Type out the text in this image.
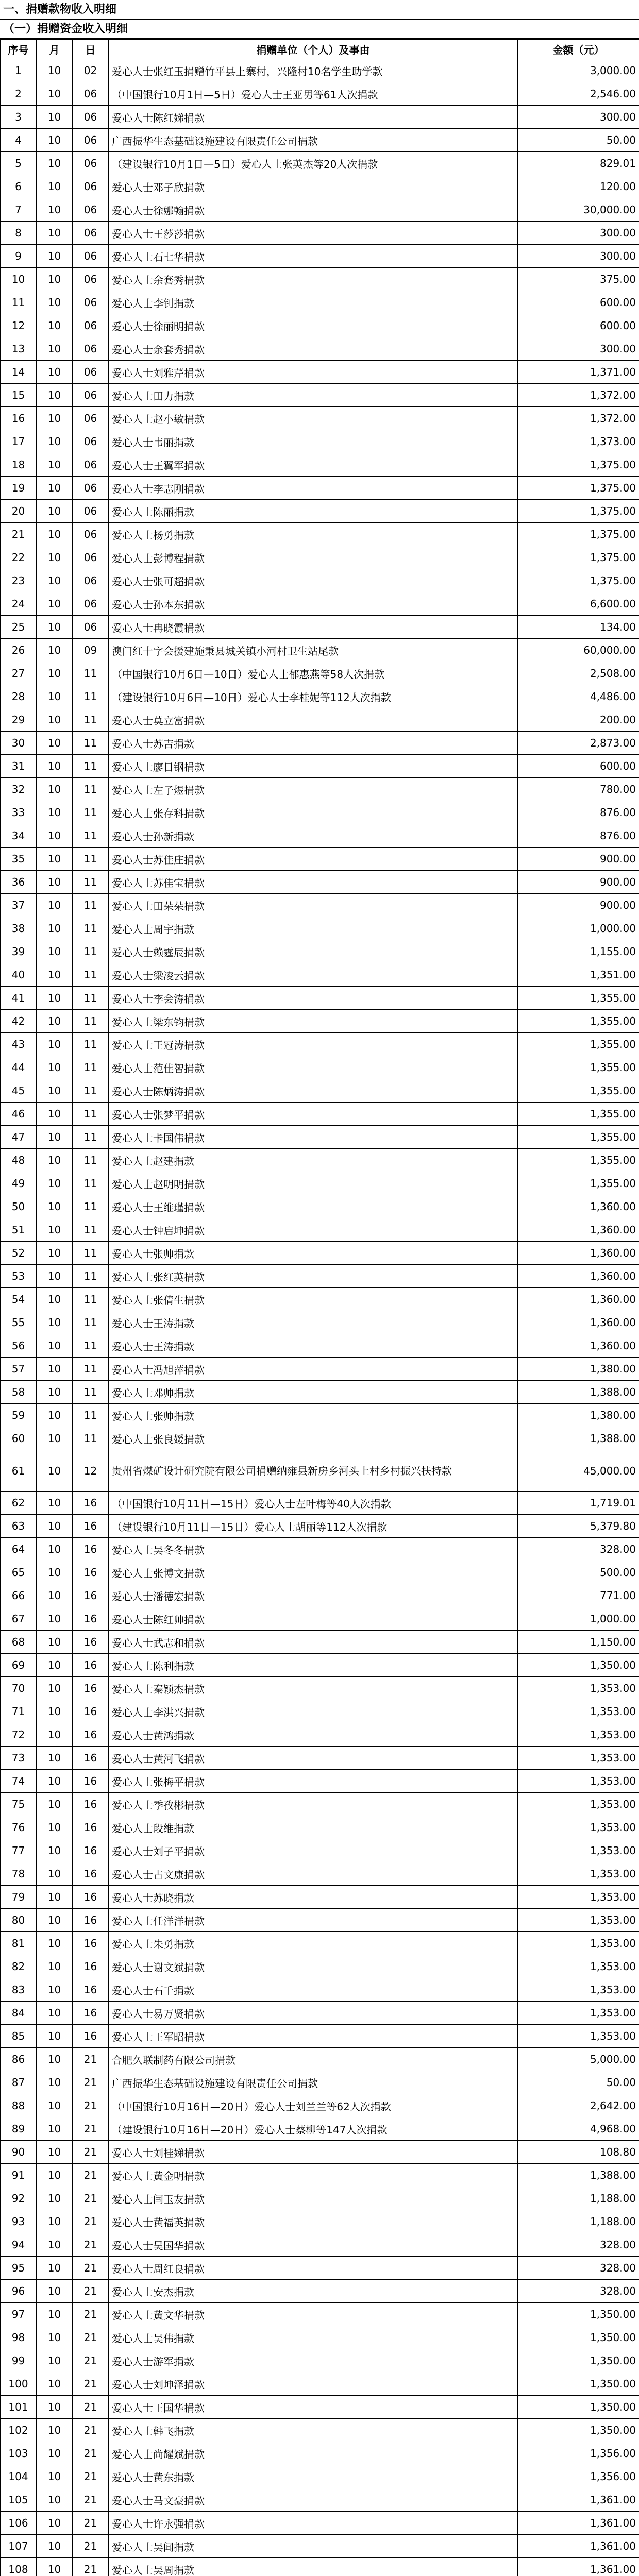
一、捐赠款物收入明细
（一）捐赠资金收入明细
序号	月	日	捐赠单位（个人）及事由	金额（元）
1	10	02	爱心人士张红玉捐赠竹平县上寨村，兴隆村10名学生助学款	3,000.00
2	10	06	（中国银行10月1日—5日）爱心人士王亚男等61人次捐款	2,546.00
3	10	06	爱心人士陈红娣捐款	300.00
4	10	06	广西振华生态基础设施建设有限责任公司捐款	50.00
5	10	06	（建设银行10月1日—5日）爱心人士张英杰等20人次捐款	829.01
6	10	06	爱心人士邓子欣捐款	120.00
7	10	06	爱心人士徐娜翰捐款	30,000.00
8	10	06	爱心人士王莎莎捐款	300.00
9	10	06	爱心人士石七华捐款	300.00
10	10	06	爱心人士余套秀捐款	375.00
11	10	06	爱心人士李钊捐款	600.00
12	10	06	爱心人士徐丽明捐款	600.00
13	10	06	爱心人士余套秀捐款	300.00
14	10	06	爱心人士刘雅芹捐款	1,371.00
15	10	06	爱心人士田力捐款	1,372.00
16	10	06	爱心人士赵小敏捐款	1,372.00
17	10	06	爱心人士韦丽捐款	1,373.00
18	10	06	爱心人士王翼军捐款	1,375.00
19	10	06	爱心人士李志刚捐款	1,375.00
20	10	06	爱心人士陈丽捐款	1,375.00
21	10	06	爱心人士杨勇捐款	1,375.00
22	10	06	爱心人士彭博程捐款	1,375.00
23	10	06	爱心人士张可超捐款	1,375.00
24	10	06	爱心人士孙本东捐款	6,600.00
25	10	06	爱心人士冉晓霞捐款	134.00
26	10	09	澳门红十字会援建施秉县城关镇小河村卫生站尾款	60,000.00
27	10	11	（中国银行10月6日—10日）爱心人士郁惠燕等58人次捐款	2,508.00
28	10	11	（建设银行10月6日—10日）爱心人士李桂妮等112人次捐款	4,486.00
29	10	11	爱心人士莫立富捐款	200.00
30	10	11	爱心人士苏吉捐款	2,873.00
31	10	11	爱心人士廖日钢捐款	600.00
32	10	11	爱心人士左子煜捐款	780.00
33	10	11	爱心人士张存科捐款	876.00
34	10	11	爱心人士孙新捐款	876.00
35	10	11	爱心人士苏佳庄捐款	900.00
36	10	11	爱心人士苏佳宝捐款	900.00
37	10	11	爱心人士田朵朵捐款	900.00
38	10	11	爱心人士周宇捐款	1,000.00
39	10	11	爱心人士赖霆辰捐款	1,155.00
40	10	11	爱心人士梁凌云捐款	1,351.00
41	10	11	爱心人士李会涛捐款	1,355.00
42	10	11	爱心人士梁东钧捐款	1,355.00
43	10	11	爱心人士王冠涛捐款	1,355.00
44	10	11	爱心人士范佳智捐款	1,355.00
45	10	11	爱心人士陈炳涛捐款	1,355.00
46	10	11	爱心人士张梦平捐款	1,355.00
47	10	11	爱心人士卡国伟捐款	1,355.00
48	10	11	爱心人士赵建捐款	1,355.00
49	10	11	爱心人士赵明明捐款	1,355.00
50	10	11	爱心人士王维瑾捐款	1,360.00
51	10	11	爱心人士钟启坤捐款	1,360.00
52	10	11	爱心人士张帅捐款	1,360.00
53	10	11	爱心人士张红英捐款	1,360.00
54	10	11	爱心人士张倩生捐款	1,360.00
55	10	11	爱心人士王涛捐款	1,360.00
56	10	11	爱心人士王涛捐款	1,360.00
57	10	11	爱心人士冯旭萍捐款	1,380.00
58	10	11	爱心人士邓帅捐款	1,388.00
59	10	11	爱心人士张帅捐款	1,380.00
60	10	11	爱心人士张良媛捐款	1,388.00
61	10	12	贵州省煤矿设计研究院有限公司捐赠纳雍县新房乡河头上村乡村振兴扶持款	45,000.00
62	10	16	（中国银行10月11日—15日）爱心人士左叶梅等40人次捐款	1,719.01
63	10	16	（建设银行10月11日—15日）爱心人士胡丽等112人次捐款	5,379.80
64	10	16	爱心人士吴冬冬捐款	328.00
65	10	16	爱心人士张博文捐款	500.00
66	10	16	爱心人士潘德宏捐款	771.00
67	10	16	爱心人士陈红帅捐款	1,000.00
68	10	16	爱心人士武志和捐款	1,150.00
69	10	16	爱心人士陈利捐款	1,350.00
70	10	16	爱心人士秦颖杰捐款	1,353.00
71	10	16	爱心人士李洪兴捐款	1,353.00
72	10	16	爱心人士黄鸿捐款	1,353.00
73	10	16	爱心人士黄河飞捐款	1,353.00
74	10	16	爱心人士张梅平捐款	1,353.00
75	10	16	爱心人士季孜彬捐款	1,353.00
76	10	16	爱心人士段维捐款	1,353.00
77	10	16	爱心人士刘子平捐款	1,353.00
78	10	16	爱心人士占文康捐款	1,353.00
79	10	16	爱心人士苏晓捐款	1,353.00
80	10	16	爱心人士任洋洋捐款	1,353.00
81	10	16	爱心人士朱勇捐款	1,353.00
82	10	16	爱心人士谢文斌捐款	1,353.00
83	10	16	爱心人士石千捐款	1,353.00
84	10	16	爱心人士易万贤捐款	1,353.00
85	10	16	爱心人士王军昭捐款	1,353.00
86	10	21	合肥久联制药有限公司捐款	5,000.00
87	10	21	广西振华生态基础设施建设有限责任公司捐款	50.00
88	10	21	（中国银行10月16日—20日）爱心人士刘兰兰等62人次捐款	2,642.00
89	10	21	（建设银行10月16日—20日）爱心人士蔡柳等147人次捐款	4,968.00
90	10	21	爱心人士刘桂娣捐款	108.80
91	10	21	爱心人士黄金明捐款	1,388.00
92	10	21	爱心人士闫玉友捐款	1,188.00
93	10	21	爱心人士黄福英捐款	1,188.00
94	10	21	爱心人士吴国华捐款	328.00
95	10	21	爱心人士周红良捐款	328.00
96	10	21	爱心人士安杰捐款	328.00
97	10	21	爱心人士黄文华捐款	1,350.00
98	10	21	爱心人士吴伟捐款	1,350.00
99	10	21	爱心人士游军捐款	1,350.00
100	10	21	爱心人士刘坤泽捐款	1,350.00
101	10	21	爱心人士王国华捐款	1,350.00
102	10	21	爱心人士韩飞捐款	1,350.00
103	10	21	爱心人士尚耀斌捐款	1,356.00
104	10	21	爱心人士黄东捐款	1,356.00
105	10	21	爱心人士马文豪捐款	1,361.00
106	10	21	爱心人士许永强捐款	1,361.00
107	10	21	爱心人士吴闻捐款	1,361.00
108	10	21	爱心人士吴周捐款	1,361.00
